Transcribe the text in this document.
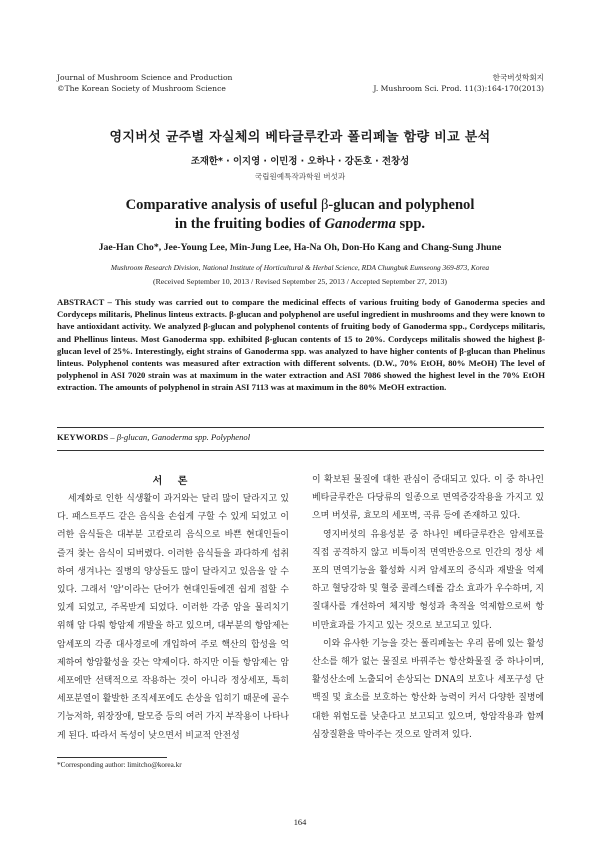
Journal of Mushroom Science and Production
©The Korean Society of Mushroom Science
한국버섯학회지
J. Mushroom Sci. Prod. 11(3):164-170(2013)
영지버섯 균주별 자실체의 베타글루칸과 폴리페놀 함량 비교 분석
조재한* · 이지영 · 이민정 · 오하나 · 강돈호 · 전창성
국립원예특작과학원 버섯과
Comparative analysis of useful β-glucan and polyphenol
in the fruiting bodies of Ganoderma spp.
Jae-Han Cho*, Jee-Young Lee, Min-Jung Lee, Ha-Na Oh, Don-Ho Kang and Chang-Sung Jhune
Mushroom Research Division, National Institute of Horticultural & Herbal Science, RDA Chungbuk Eumseong 369-873, Korea
(Received September 10, 2013 / Revised September 25, 2013 / Accepted September 27, 2013)
ABSTRACT – This study was carried out to compare the medicinal effects of various fruiting body of Ganoderma species and Cordyceps militaris, Phelinus linteus extracts. β-glucan and polyphenol are useful ingredient in mushrooms and they were known to have antioxidant activity. We analyzed β-glucan and polyphenol contents of fruiting body of Ganoderma spp., Cordyceps militaris, and Phellinus linteus. Most Ganoderma spp. exhibited β-glucan contents of 15 to 20%. Cordyceps militalis showed the highest β-glucan level of 25%. Interestingly, eight strains of Ganoderma spp. was analyzed to have higher contents of β-glucan than Phelinus linteus. Polyphenol contents was measured after extraction with different solvents. (D.W., 70% EtOH, 80% MeOH) The level of polyphenol in ASI 7020 strain was at maximum in the water extraction and ASI 7086 showed the highest level in the 70% EtOH extraction. The amounts of polyphenol in strain ASI 7113 was at maximum in the 80% MeOH extraction.
KEYWORDS – β-glucan, Ganoderma spp. Polyphenol
서 론

세계화로 인한 식생활이 과거와는 달리 많이 달라지고 있다. 패스트푸드 같은 음식을 손쉽게 구할 수 있게 되었고 이러한 음식들은 대부분 고칼로리 음식으로 바쁜 현대인들이 즐겨 찾는 음식이 되버렸다. 이러한 음식들을 과다하게 섭취하여 생겨나는 질병의 양상들도 많이 달라지고 있음을 알 수 있다. 그래서 '암'이라는 단어가 현대인들에겐 쉽게 접할 수 있게 되었고, 주목받게 되었다. 이러한 각종 암을 물리치기 위해 암 다뤄 항암제 개발을 하고 있으며, 대부분의 항암제는 암세포의 각종 대사경로에 개입하여 주로 핵산의 합성을 억제하여 항암활성을 갖는 약제이다. 하지만 이들 항암제는 암세포에만 선택적으로 작용하는 것이 아니라 정상세포, 특히 세포분열이 활발한 조직세포에도 손상을 입히기 때문에 골수기능저하, 위장장애, 탈모증 등의 여러 가지 부작용이 나타나게 된다. 따라서 독성이 낮으면서 비교적 안전성

이 확보된 물질에 대한 관심이 증대되고 있다. 이 중 하나인 베타글루칸은 다당류의 일종으로 면역증강작용을 가지고 있으며 버섯류, 효모의 세포벽, 곡류 등에 존재하고 있다.

영지버섯의 유용성분 중 하나인 베타글루칸은 암세포를 직접 공격하지 않고 비특이적 면역반응으로 인간의 정상 세포의 면역기능을 활성화 시켜 암세포의 증식과 재발을 억제하고 혈당강하 및 혈중 콜레스테롤 감소 효과가 우수하며, 지질대사를 개선하여 체지방 형성과 축적을 억제함으로써 항 비만효과를 가지고 있는 것으로 보고되고 있다.

이와 유사한 기능을 갖는 폴리페놀는 우리 몸에 있는 활성산소를 해가 없는 물질로 바꿔주는 항산화물질 중 하나이며, 활성산소에 노출되어 손상되는 DNA의 보호나 세포구성 단백질 및 효소를 보호하는 항산화 능력이 커서 다양한 질병에 대한 위험도를 낮춘다고 보고되고 있으며, 항암작용과 함께 심장질환을 막아주는 것으로 알려져 있다.

*Corresponding author: limitcho@korea.kr
164
